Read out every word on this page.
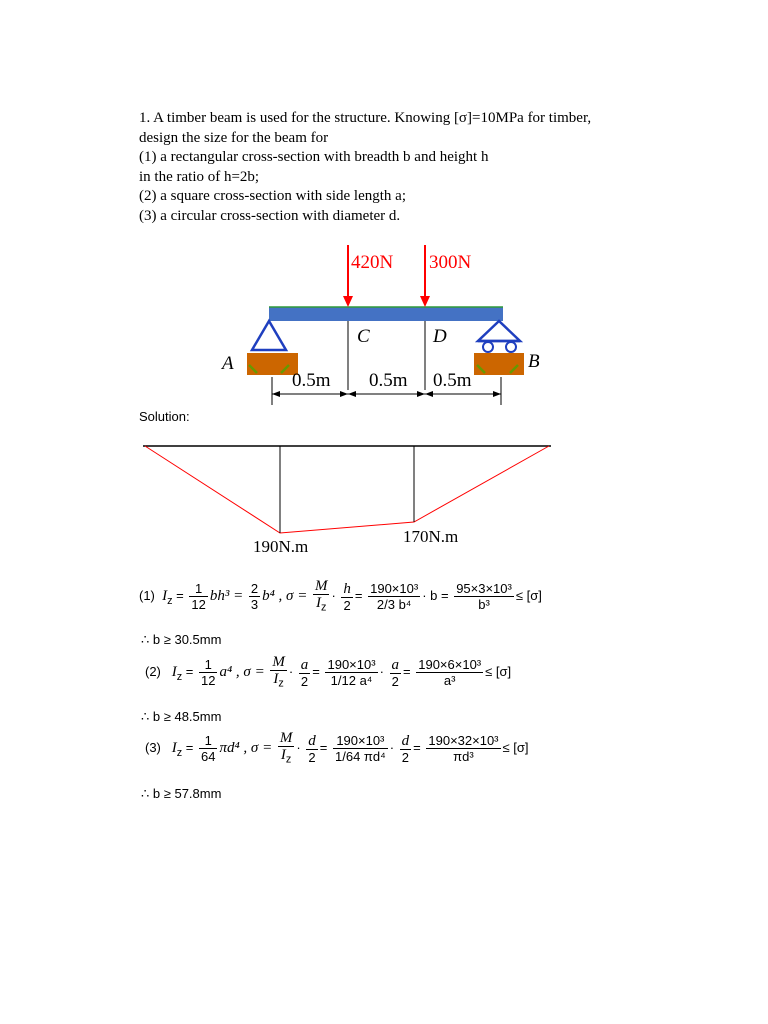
1. A timber beam is used for the structure. Knowing [σ]=10MPa for timber,

design the size for the beam for

(1) a rectangular cross-section with breadth b and height h

in the ratio of h=2b;

(2) a square cross-section with side length a;

(3) a circular cross-section with diameter d.

420N 300N
C	D
A	B
0.5m 0.5m 0.5m
Solution:
190N.m
170N.m
(1) $I_z = \frac{1}{12} bh^3 = \frac{2}{3} b^4$ , $\sigma = \frac{M}{I_z} \cdot \frac{h}{2} = \frac{\text{190×10³}}{\text{2/3 b⁴}} \cdot b = \frac{\text{95×3×10³}}{\text{b³}} \le [\sigma]$
∴ b ≥ 30.5mm
(2) $I_z = \frac{1}{12} a^4$ , $\sigma = \frac{M}{I_z} \cdot \frac{a}{2} = \frac{\text{190×10³}}{\text{1/12 a⁴}} \cdot \frac{a}{2} = \frac{\text{190×6×10³}}{\text{a³}} \le [\sigma]$
∴ b ≥ 48.5mm
(3) $I_z = \frac{1}{64} \pi d^4$ , $\sigma = \frac{M}{I_z} \cdot \frac{d}{2} = \frac{\text{190×10³}}{\text{1/64 πd⁴}} \cdot \frac{d}{2} = \frac{\text{190×32×10³}}{\text{πd³}} \le [\sigma]$
∴ b ≥ 57.8mm
